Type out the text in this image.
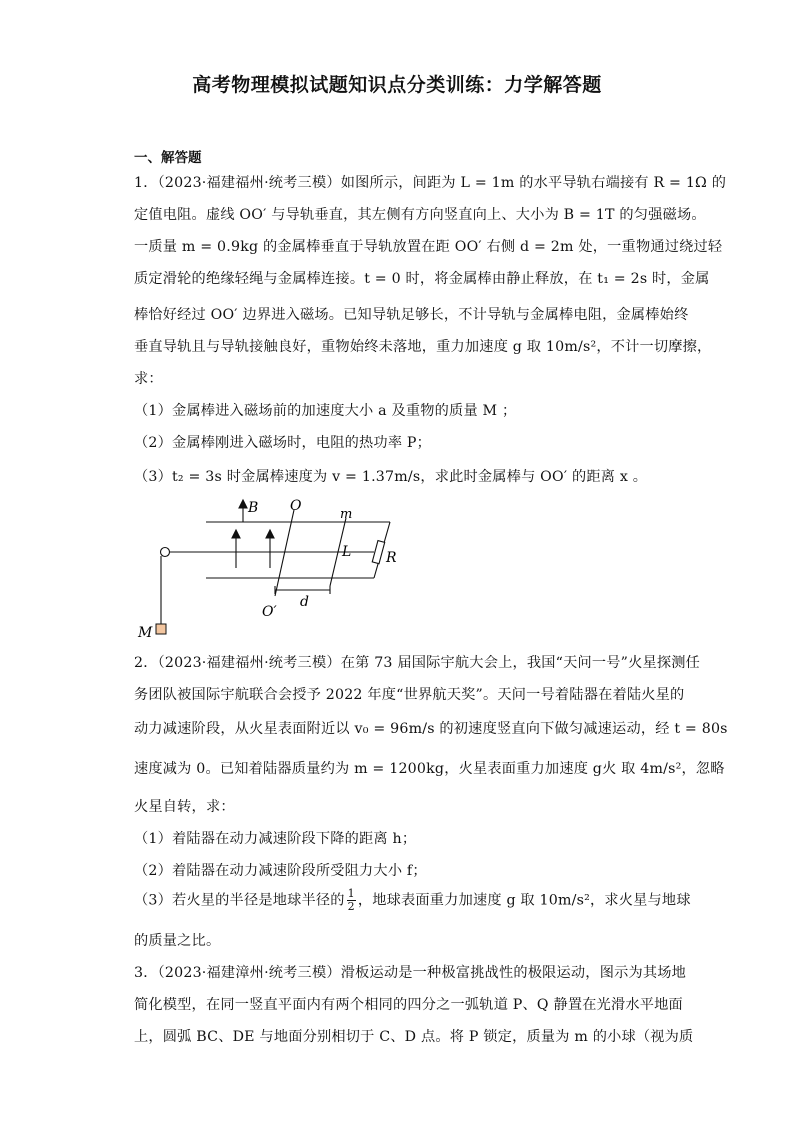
高考物理模拟试题知识点分类训练：力学解答题
一、解答题
1．（2023·福建福州·统考三模）如图所示，间距为 L = 1m 的水平导轨右端接有 R = 1Ω 的
定值电阻。虚线 OO′ 与导轨垂直，其左侧有方向竖直向上、大小为 B = 1T 的匀强磁场。
一质量 m = 0.9kg 的金属棒垂直于导轨放置在距 OO′ 右侧 d = 2m 处，一重物通过绕过轻
质定滑轮的绝缘轻绳与金属棒连接。t = 0 时，将金属棒由静止释放，在 t₁ = 2s 时，金属
棒恰好经过 OO′ 边界进入磁场。已知导轨足够长，不计导轨与金属棒电阻，金属棒始终
垂直导轨且与导轨接触良好，重物始终未落地，重力加速度 g 取 10m/s²，不计一切摩擦，
求：
（1）金属棒进入磁场前的加速度大小 a 及重物的质量 M ；
（2）金属棒刚进入磁场时，电阻的热功率 P；
（3）t₂ = 3s 时金属棒速度为 v = 1.37m/s，求此时金属棒与 OO′ 的距离 x 。
B O
m
L R
O′
d
M
2．（2023·福建福州·统考三模）在第 73 届国际宇航大会上，我国“天问一号”火星探测任
务团队被国际宇航联合会授予 2022 年度“世界航天奖”。天问一号着陆器在着陆火星的
动力减速阶段，从火星表面附近以 v₀ = 96m/s 的初速度竖直向下做匀减速运动，经 t = 80s
速度减为 0。已知着陆器质量约为 m = 1200kg，火星表面重力加速度 g火 取 4m/s²，忽略
火星自转，求：
（1）着陆器在动力减速阶段下降的距离 h；
（2）着陆器在动力减速阶段所受阻力大小 f；
（3）若火星的半径是地球半径的 $\frac{1}{2}$ ，地球表面重力加速度 g 取 10m/s²，求火星与地球
的质量之比。
3．（2023·福建漳州·统考三模）滑板运动是一种极富挑战性的极限运动，图示为其场地
简化模型，在同一竖直平面内有两个相同的四分之一弧轨道 P、Q 静置在光滑水平地面
上，圆弧 BC、DE 与地面分别相切于 C、D 点。将 P 锁定，质量为 m 的小球（视为质
